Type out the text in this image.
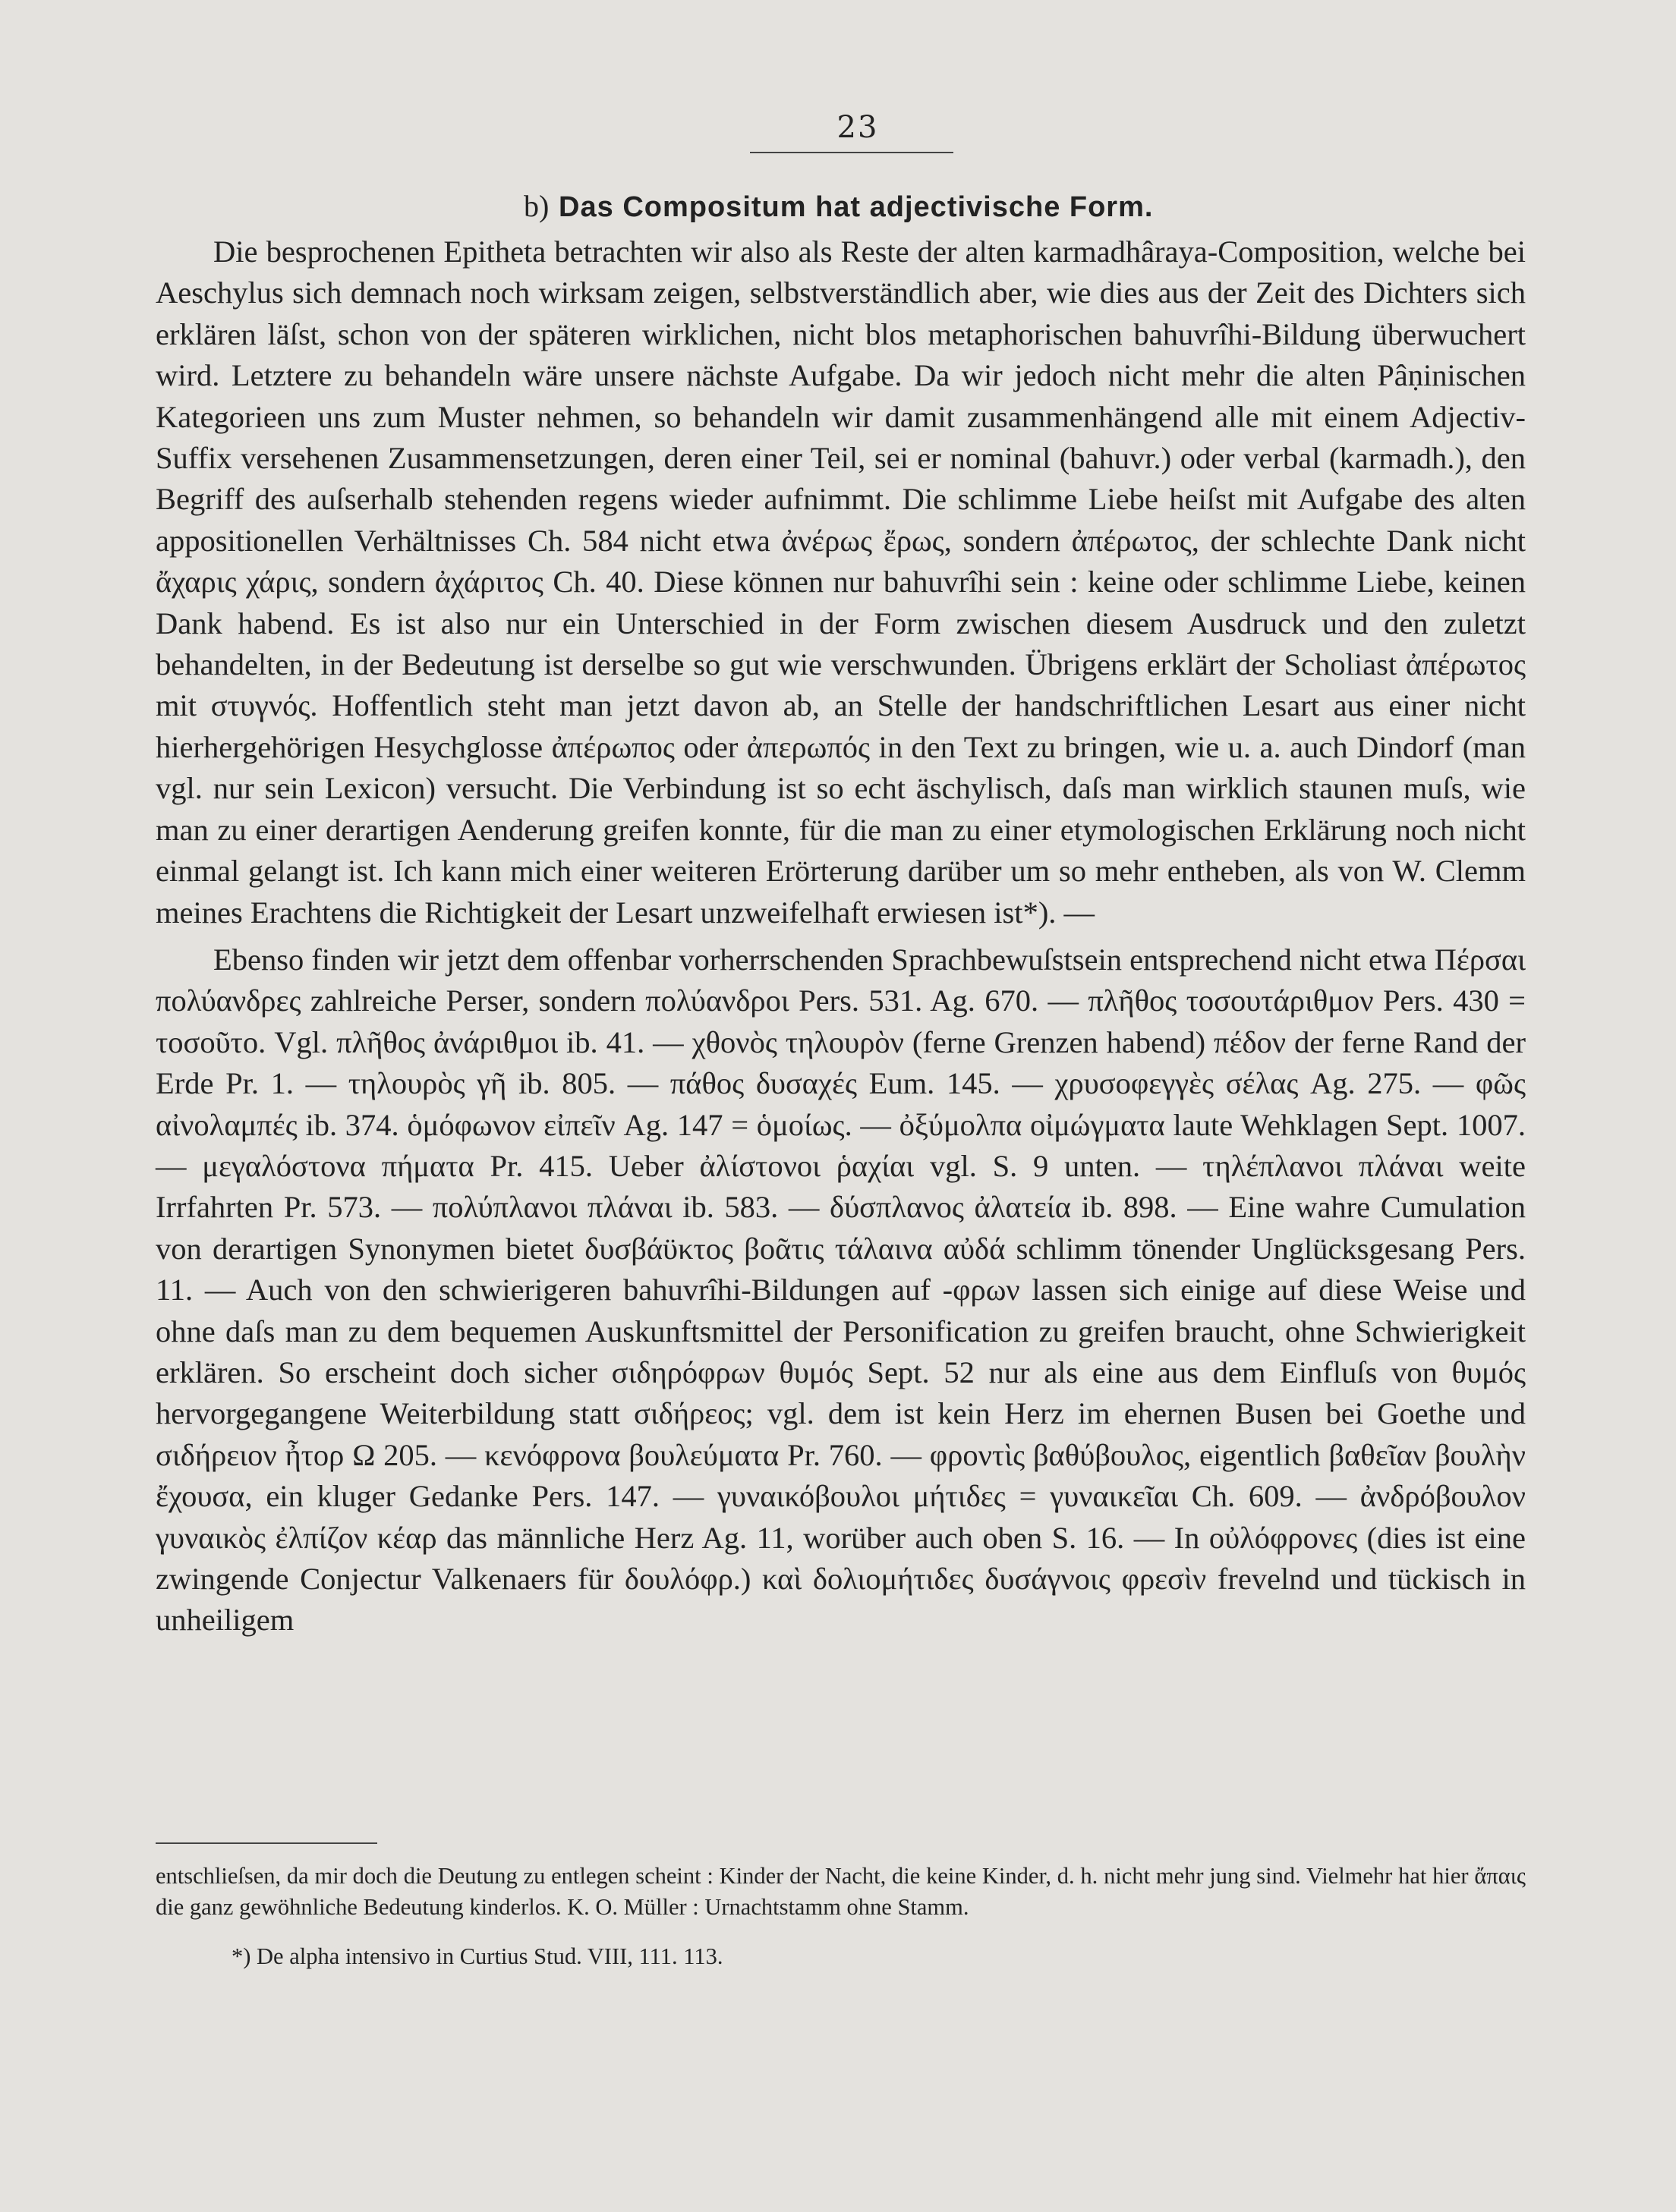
23
b) Das Compositum hat adjectivische Form.

Die besprochenen Epitheta betrachten wir also als Reste der alten karmadhâraya-Composition, welche bei Aeschylus sich demnach noch wirksam zeigen, selbstverständlich aber, wie dies aus der Zeit des Dichters sich erklären läſst, schon von der späteren wirklichen, nicht blos metaphorischen bahuvrîhi-Bildung überwuchert wird. Letztere zu behandeln wäre unsere nächste Aufgabe. Da wir jedoch nicht mehr die alten Pâṇinischen Kategorieen uns zum Muster nehmen, so behandeln wir damit zusammenhängend alle mit einem Adjectiv-Suffix versehenen Zusammensetzungen, deren einer Teil, sei er nominal (bahuvr.) oder verbal (karmadh.), den Begriff des auſserhalb stehenden regens wieder aufnimmt. Die schlimme Liebe heiſst mit Aufgabe des alten appositionellen Verhältnisses Ch. 584 nicht etwa ἀνέρως ἔρως, sondern ἀπέρωτος, der schlechte Dank nicht ἄχαρις χάρις, sondern ἀχάριτος Ch. 40. Diese können nur bahuvrîhi sein : keine oder schlimme Liebe, keinen Dank habend. Es ist also nur ein Unterschied in der Form zwischen diesem Ausdruck und den zuletzt behandelten, in der Bedeutung ist derselbe so gut wie verschwunden. Übrigens erklärt der Scholiast ἀπέρωτος mit στυγνός. Hoffentlich steht man jetzt davon ab, an Stelle der handschriftlichen Lesart aus einer nicht hierhergehörigen Hesychglosse ἀπέρωπος oder ἀπερωπός in den Text zu bringen, wie u. a. auch Dindorf (man vgl. nur sein Lexicon) versucht. Die Verbindung ist so echt äschylisch, daſs man wirklich staunen muſs, wie man zu einer derartigen Aenderung greifen konnte, für die man zu einer etymologischen Erklärung noch nicht einmal gelangt ist. Ich kann mich einer weiteren Erörterung darüber um so mehr entheben, als von W. Clemm meines Erachtens die Richtigkeit der Lesart unzweifelhaft erwiesen ist*). —

Ebenso finden wir jetzt dem offenbar vorherrschenden Sprachbewuſstsein entsprechend nicht etwa Πέρσαι πολύανδρες zahlreiche Perser, sondern πολύανδροι Pers. 531. Ag. 670. — πλῆθος τοσουτάριθμον Pers. 430 = τοσοῦτο. Vgl. πλῆθος ἀνάριθμοι ib. 41. — χθονὸς τηλουρὸν (ferne Grenzen habend) πέδον der ferne Rand der Erde Pr. 1. — τηλουρὸς γῆ ib. 805. — πάθος δυσαχές Eum. 145. — χρυσοφεγγὲς σέλας Ag. 275. — φῶς αἰνολαμπές ib. 374. ὁμόφωνον εἰπεῖν Ag. 147 = ὁμοίως. — ὀξύμολπα οἰμώγματα laute Wehklagen Sept. 1007. — μεγαλόστονα πήματα Pr. 415. Ueber ἀλίστονοι ῥαχίαι vgl. S. 9 unten. — τηλέπλανοι πλάναι weite Irrfahrten Pr. 573. — πολύπλανοι πλάναι ib. 583. — δύσπλανος ἀλατεία ib. 898. — Eine wahre Cumulation von derartigen Synonymen bietet δυσβάϋκτος βοᾶτις τάλαινα αὐδά schlimm tönender Unglücksgesang Pers. 11. — Auch von den schwierigeren bahuvrîhi-Bildungen auf -φρων lassen sich einige auf diese Weise und ohne daſs man zu dem bequemen Auskunftsmittel der Personification zu greifen braucht, ohne Schwierigkeit erklären. So erscheint doch sicher σιδηρόφρων θυμός Sept. 52 nur als eine aus dem Einfluſs von θυμός hervorgegangene Weiterbildung statt σιδήρεος; vgl. dem ist kein Herz im ehernen Busen bei Goethe und σιδήρειον ἦτορ Ω 205. — κενόφρονα βουλεύματα Pr. 760. — φροντὶς βαθύβουλος, eigentlich βαθεῖαν βουλὴν ἔχουσα, ein kluger Gedanke Pers. 147. — γυναικόβουλοι μήτιδες = γυναικεῖαι Ch. 609. — ἀνδρόβουλον γυναικὸς ἐλπίζον κέαρ das männliche Herz Ag. 11, worüber auch oben S. 16. — In οὐλόφρονες (dies ist eine zwingende Conjectur Valkenaers für δουλόφρ.) καὶ δολιομήτιδες δυσάγνοις φρεσὶν frevelnd und tückisch in unheiligem

entschlieſsen, da mir doch die Deutung zu entlegen scheint : Kinder der Nacht, die keine Kinder, d. h. nicht mehr jung sind. Vielmehr hat hier ἄπαις die ganz gewöhnliche Bedeutung kinderlos. K. O. Müller : Urnachtstamm ohne Stamm.

*) De alpha intensivo in Curtius Stud. VIII, 111. 113.
